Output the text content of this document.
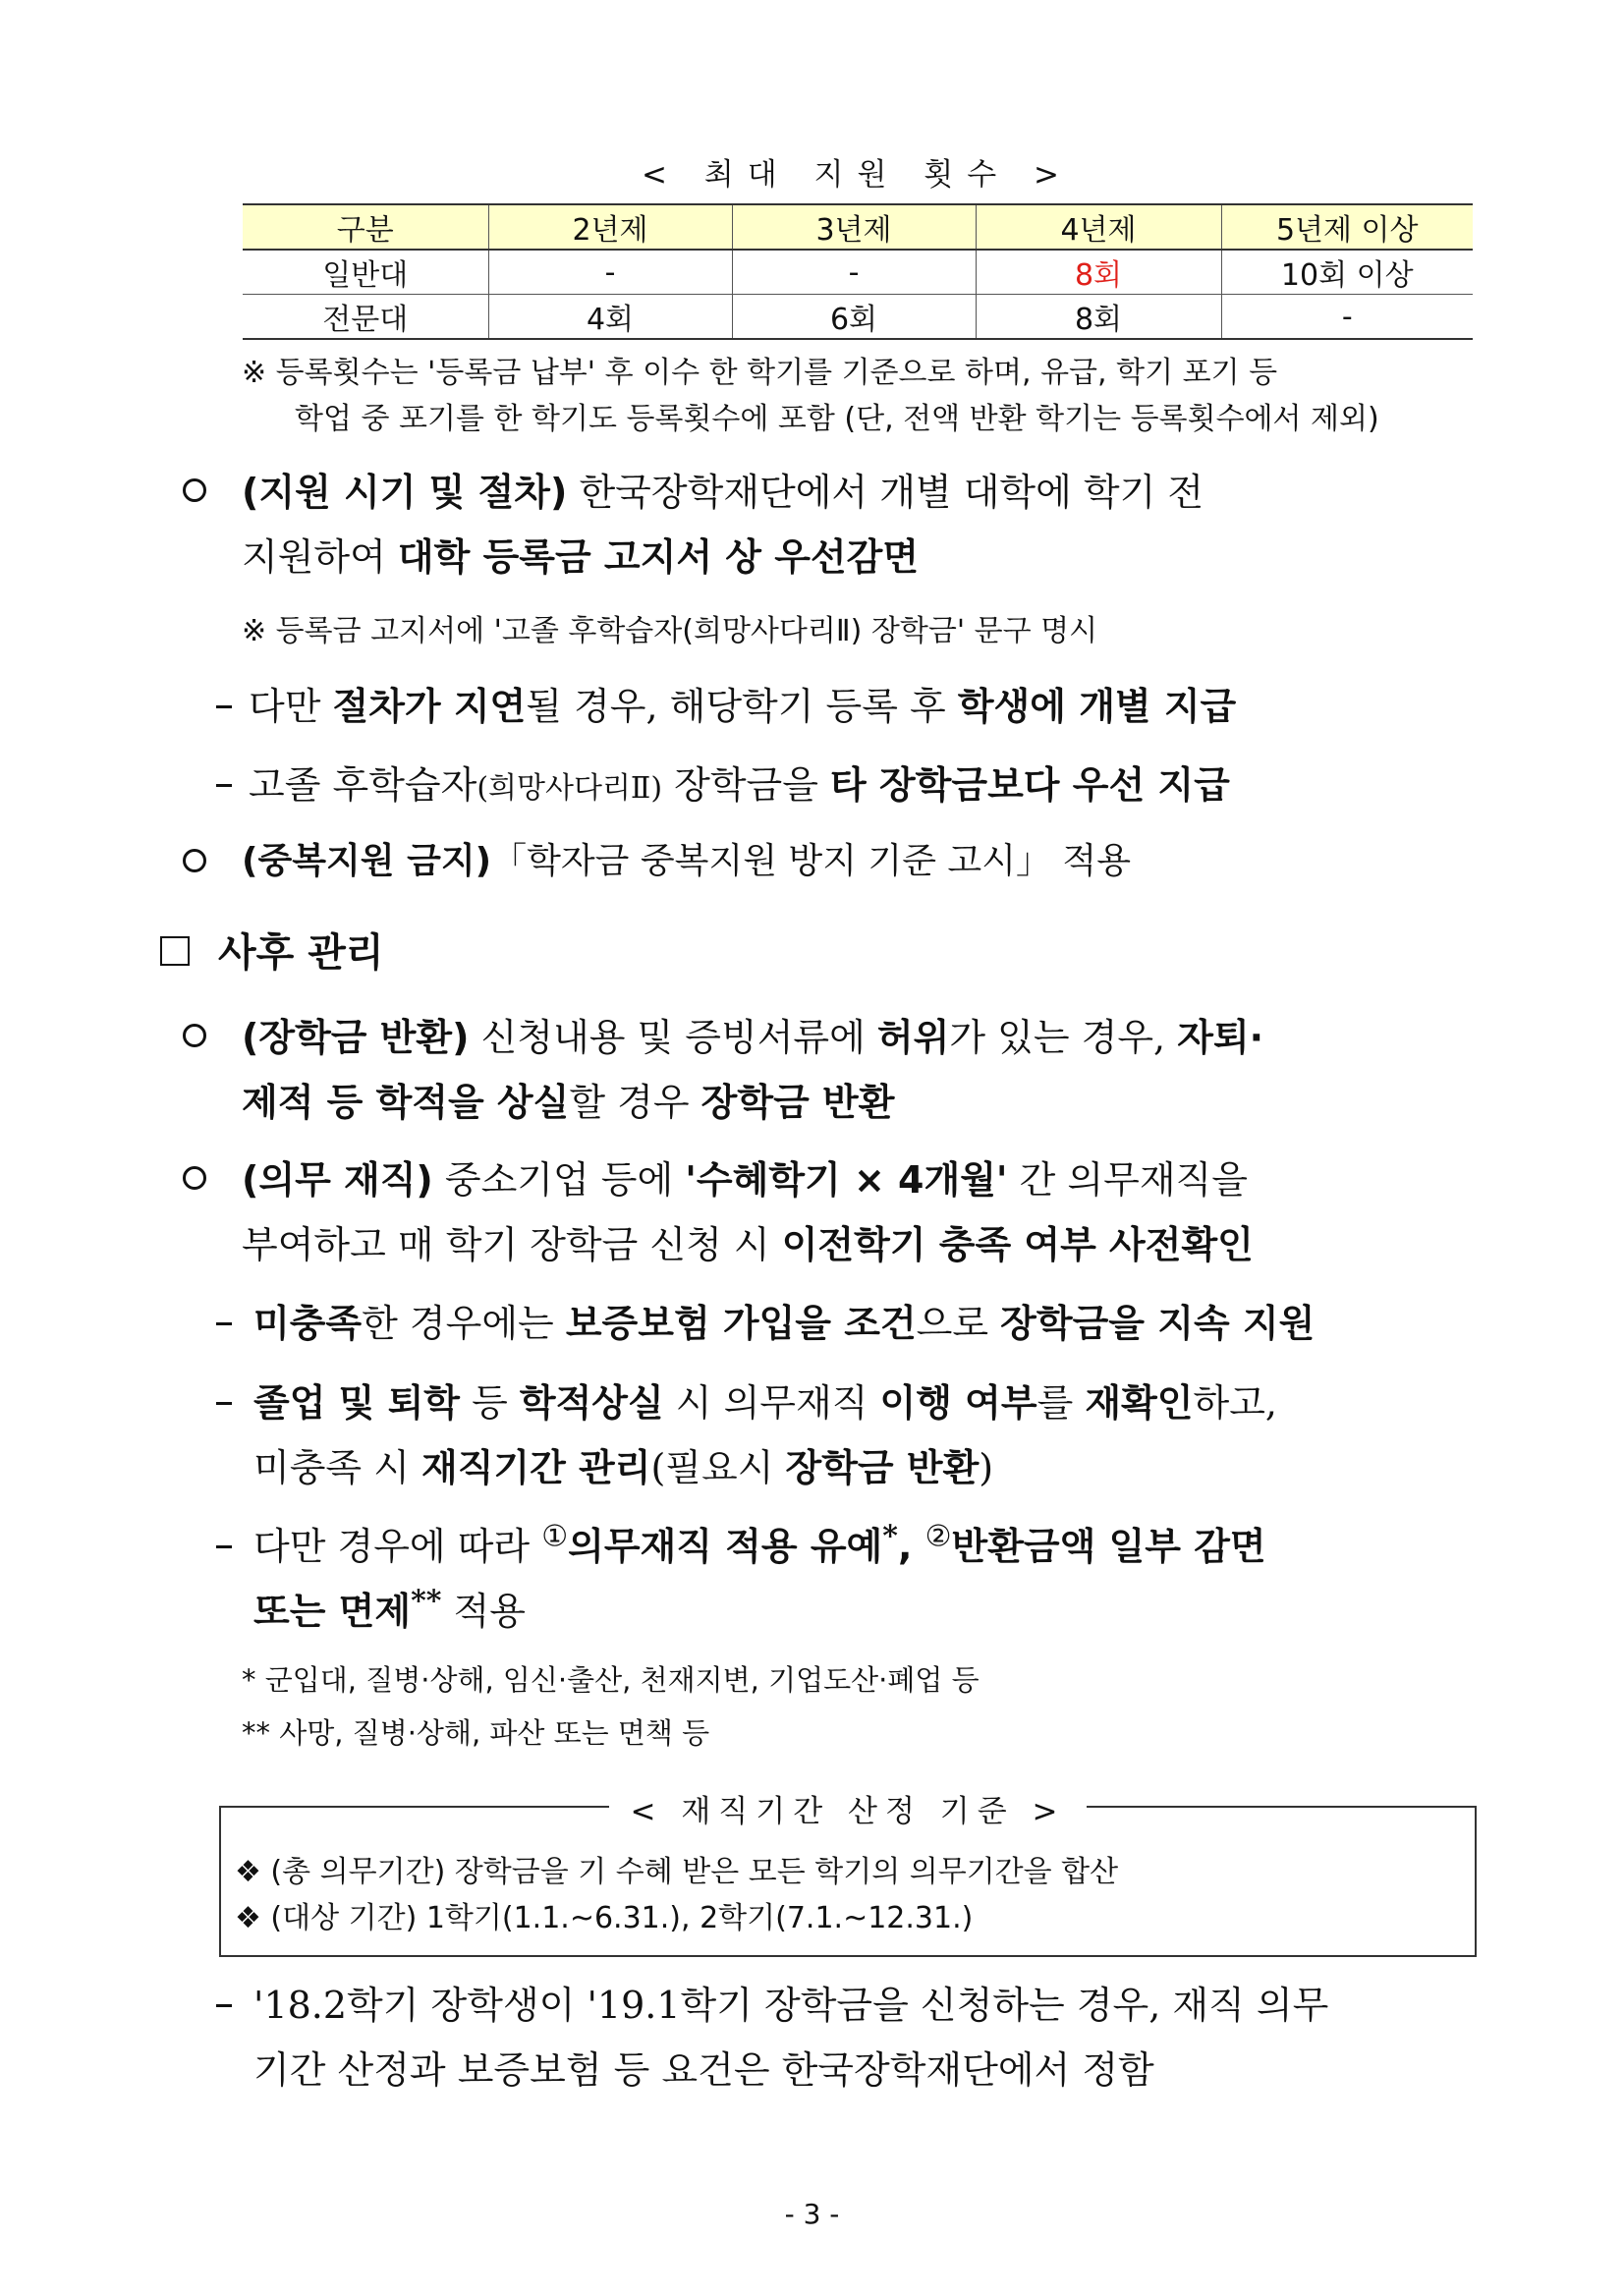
< 최대 지원 횟수 >
구분	2년제	3년제	4년제	5년제 이상
일반대	-	-	8회	10회 이상
전문대	4회	6회	8회	-
※ 등록횟수는 '등록금 납부' 후 이수 한 학기를 기준으로 하며, 유급, 학기 포기 등
학업 중 포기를 한 학기도 등록횟수에 포함 (단, 전액 반환 학기는 등록횟수에서 제외)
(지원 시기 및 절차) 한국장학재단에서 개별 대학에 학기 전
지원하여 대학 등록금 고지서 상 우선감면
※ 등록금 고지서에 '고졸 후학습자(희망사다리Ⅱ) 장학금' 문구 명시
다만 절차가 지연될 경우, 해당학기 등록 후 학생에 개별 지급
고졸 후학습자(희망사다리Ⅱ) 장학금을 타 장학금보다 우선 지급
(중복지원 금지)「학자금 중복지원 방지 기준 고시」 적용
사후 관리
(장학금 반환) 신청내용 및 증빙서류에 허위가 있는 경우, 자퇴·
제적 등 학적을 상실할 경우 장학금 반환
(의무 재직) 중소기업 등에 '수혜학기 × 4개월' 간 의무재직을
부여하고 매 학기 장학금 신청 시 이전학기 충족 여부 사전확인
미충족한 경우에는 보증보험 가입을 조건으로 장학금을 지속 지원
졸업 및 퇴학 등 학적상실 시 의무재직 이행 여부를 재확인하고,
미충족 시 재직기간 관리(필요시 장학금 반환)
다만 경우에 따라 ①의무재직 적용 유예*, ②반환금액 일부 감면
또는 면제** 적용
* 군입대, 질병·상해, 임신·출산, 천재지변, 기업도산·폐업 등
** 사망, 질병·상해, 파산 또는 면책 등
< 재직기간 산정 기준 >
❖ (총 의무기간) 장학금을 기 수혜 받은 모든 학기의 의무기간을 합산
❖ (대상 기간) 1학기(1.1.~6.31.), 2학기(7.1.~12.31.)
'18.2학기 장학생이 '19.1학기 장학금을 신청하는 경우, 재직 의무
기간 산정과 보증보험 등 요건은 한국장학재단에서 정함
- 3 -
